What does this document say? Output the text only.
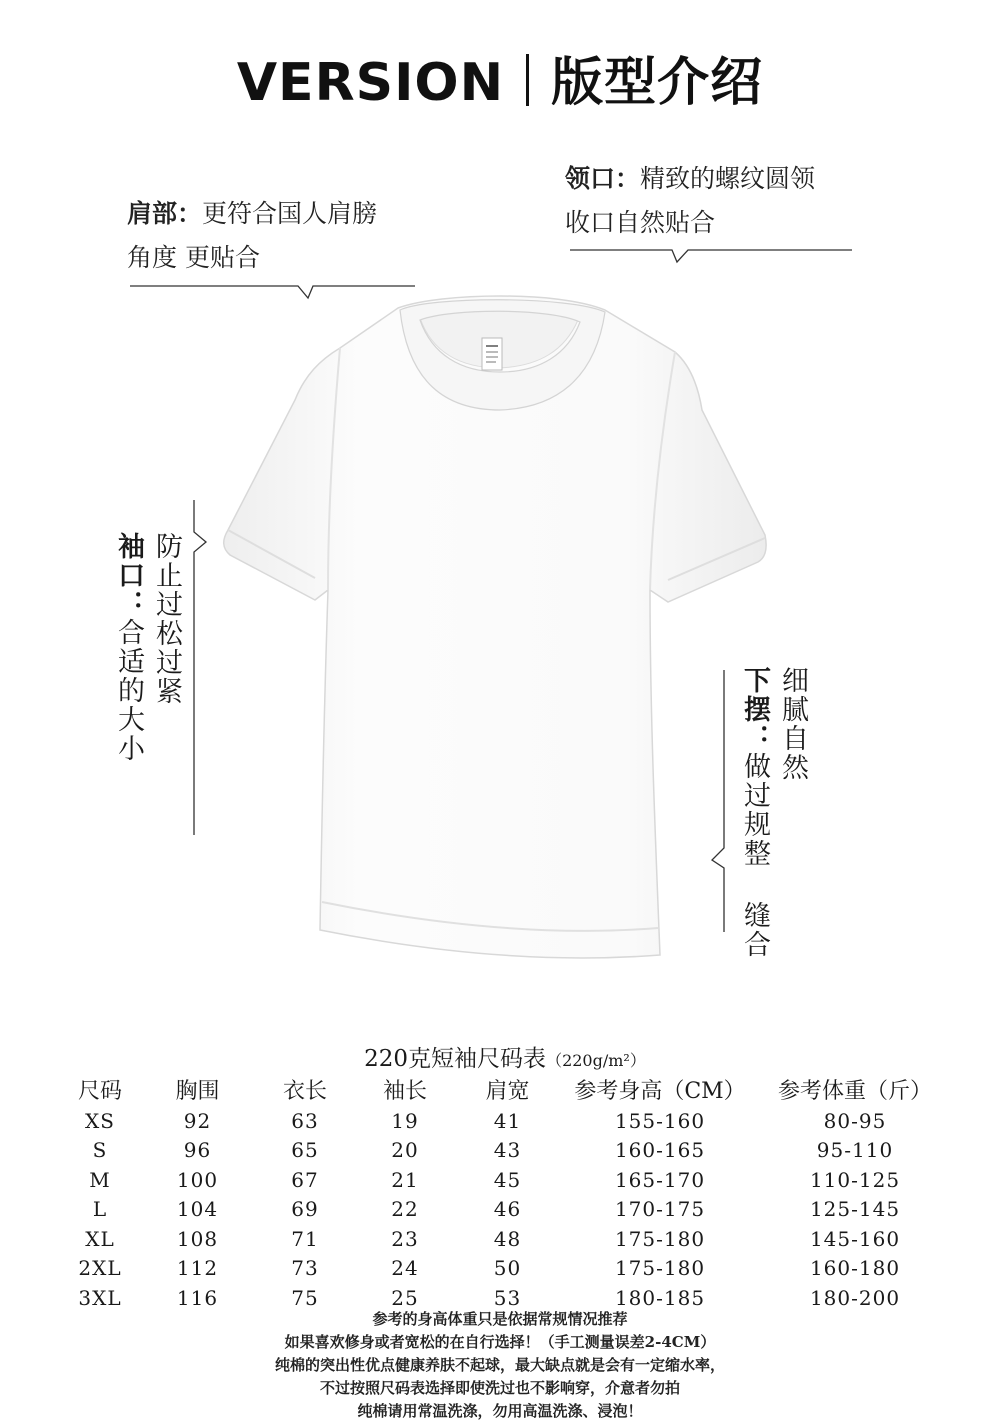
VERSION 版型介绍
肩部：更符合国人肩膀
角度 更贴合
领口：精致的螺纹圆领
收口自然贴合
袖口：
合适的大小 防止过松过紧
下摆：
做过规整 缝合
细腻自然
220克短袖尺码表（220g/m²）
尺码	胸围	衣长	袖长	肩宽	参考身高（CM）	参考体重（斤）
XS	92	63	19	41	155-160	80-95
S	96	65	20	43	160-165	95-110
M	100	67	21	45	165-170	110-125
L	104	69	22	46	170-175	125-145
XL	108	71	23	48	175-180	145-160
2XL	112	73	24	50	175-180	160-180
3XL	116	75	25	53	180-185	180-200
参考的身高体重只是依据常规情况推荐
如果喜欢修身或者宽松的在自行选择！（手工测量误差2-4CM）
纯棉的突出性优点健康养肤不起球，最大缺点就是会有一定缩水率，
不过按照尺码表选择即使洗过也不影响穿，介意者勿拍
纯棉请用常温洗涤，勿用高温洗涤、浸泡！
